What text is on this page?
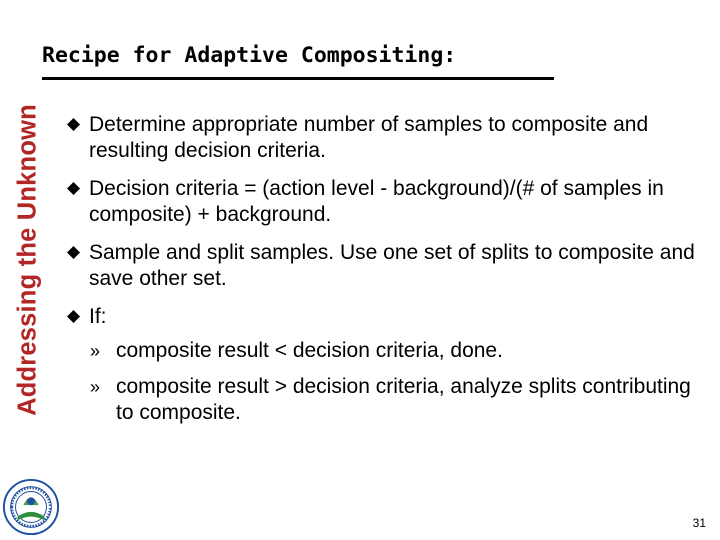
Addressing the Unknown
Recipe for Adaptive Compositing:
Determine appropriate number of samples to composite and resulting decision criteria.
Decision criteria = (action level - background)/(# of samples in composite) + background.
Sample and split samples. Use one set of splits to composite and save other set.
If:
» composite result < decision criteria, done.
» composite result > decision criteria, analyze splits contributing to composite.
31
